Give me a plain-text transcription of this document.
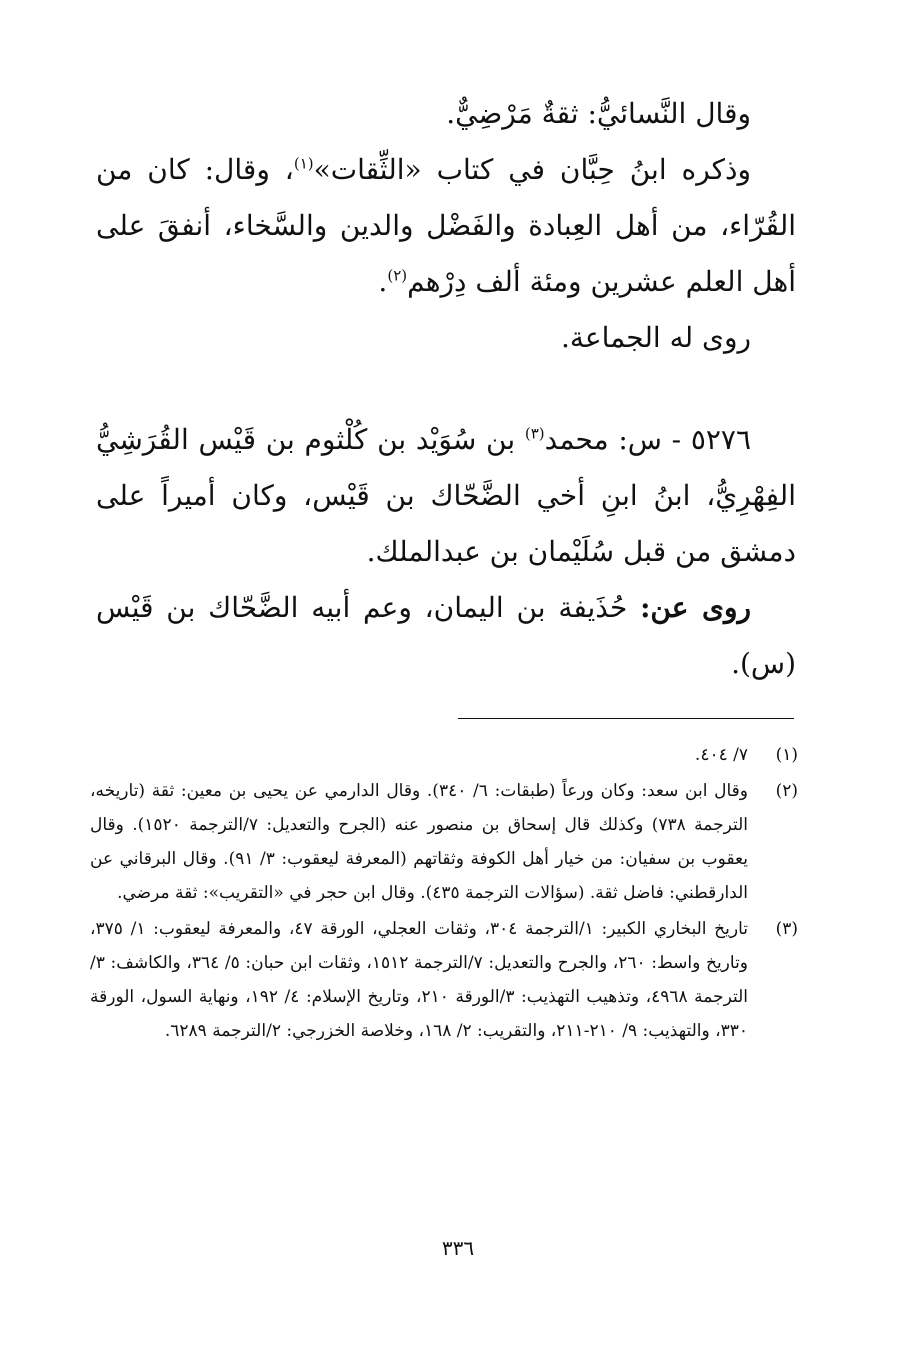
وقال النَّسائيُّ: ثقةٌ مَرْضِيٌّ.

وذكره ابنُ حِبَّان في كتاب «الثِّقات»$^{(١)}$، وقال: كان من القُرّاء، من أهل العِبادة والفَضْل والدين والسَّخاء، أنفقَ على أهل العلم عشرين ومئة ألف دِرْهم$^{(٢)}$.

روى له الجماعة.

٥٢٧٦ - س: محمد$^{(٣)}$ بن سُوَيْد بن كُلْثوم بن قَيْس القُرَشِيُّ الفِهْرِيُّ، ابنُ ابنِ أخي الضَّحّاك بن قَيْس، وكان أميراً على دمشق من قبل سُلَيْمان بن عبدالملك.

روى عن: حُذَيفة بن اليمان، وعم أبيه الضَّحّاك بن قَيْس (س).

(١)
٧/ ٤٠٤.

(٢)
وقال ابن سعد: وكان ورعاً (طبقات: ٦/ ٣٤٠). وقال الدارمي عن يحيى بن معين: ثقة (تاريخه، الترجمة ٧٣٨) وكذلك قال إسحاق بن منصور عنه (الجرح والتعديل: ٧/الترجمة ١٥٢٠). وقال يعقوب بن سفيان: من خيار أهل الكوفة وثقاتهم (المعرفة ليعقوب: ٣/ ٩١). وقال البرقاني عن الدارقطني: فاضل ثقة. (سؤالات الترجمة ٤٣٥). وقال ابن حجر في «التقريب»: ثقة مرضي.

(٣)
تاريخ البخاري الكبير: ١/الترجمة ٣٠٤، وثقات العجلي، الورقة ٤٧، والمعرفة ليعقوب: ١/ ٣٧٥، وتاريخ واسط: ٢٦٠، والجرح والتعديل: ٧/الترجمة ١٥١٢، وثقات ابن حبان: ٥/ ٣٦٤، والكاشف: ٣/الترجمة ٤٩٦٨، وتذهيب التهذيب: ٣/الورقة ٢١٠، وتاريخ الإسلام: ٤/ ١٩٢، ونهاية السول، الورقة ٣٣٠، والتهذيب: ٩/ ٢١٠-٢١١، والتقريب: ٢/ ١٦٨، وخلاصة الخزرجي: ٢/الترجمة ٦٢٨٩.

٣٣٦
